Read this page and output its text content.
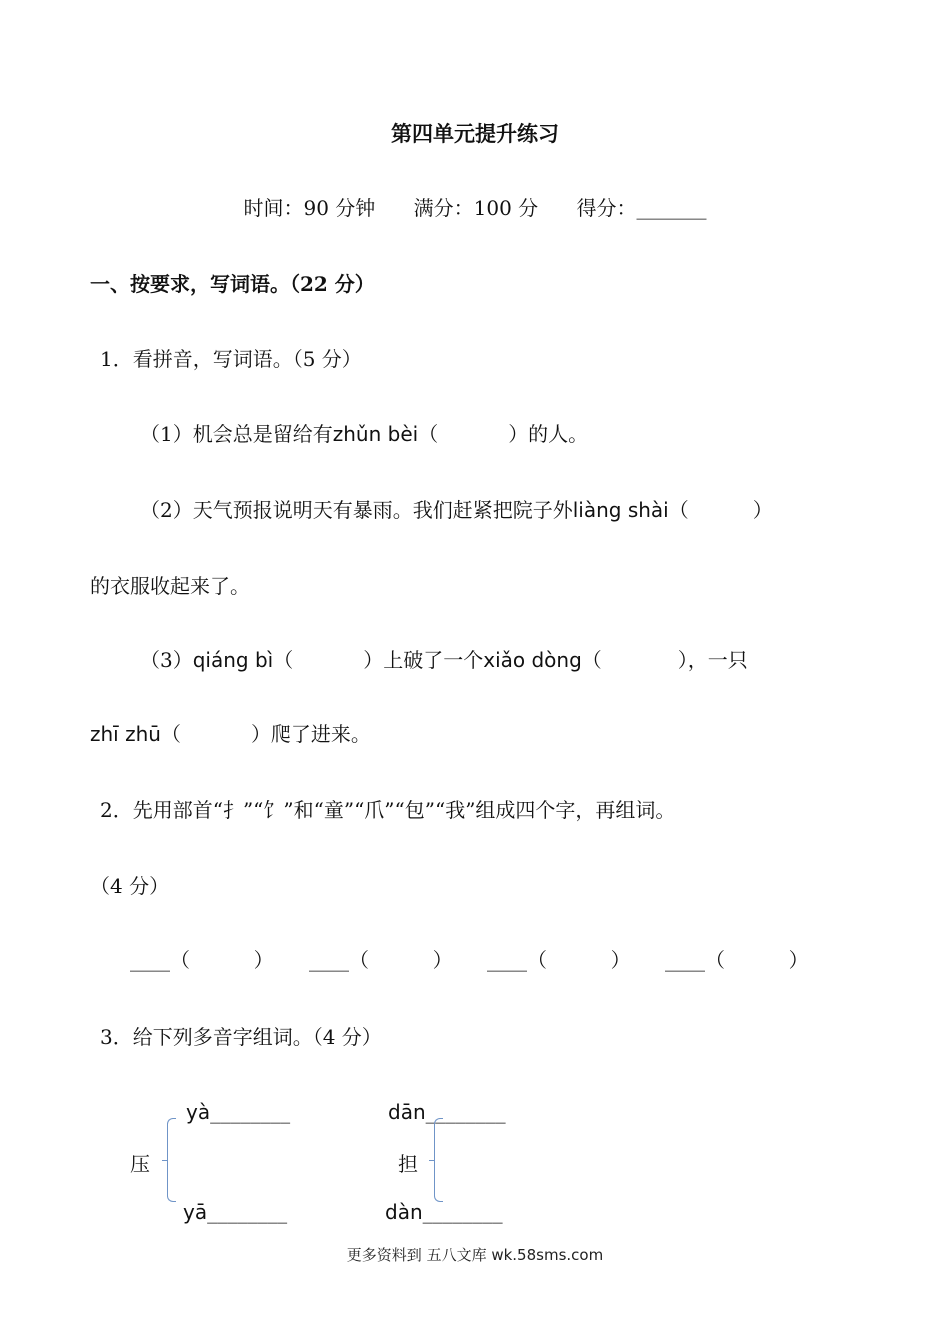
第四单元提升练习
时间：90 分钟 满分：100 分 得分：_______
一、按要求，写词语。（22 分）
1．看拼音，写词语。（5 分）
（1）机会总是留给有zhǔn bèi（	）的人。
（2）天气预报说明天有暴雨。我们赶紧把院子外liàng shài（	）
的衣服收起来了。
（3）qiáng bì（	）上破了一个xiǎo dòng（	），一只
zhī zhū（	）爬了进来。
2．先用部首“扌”“饣”和“童”“爪”“包”“我”组成四个字，再组词。
（4 分）
____（          ） ____（          ） ____（          ） ____（          ）
3．给下列多音字组词。（4 分）
yà________
压
yā________
dān________
担
dàn________
更多资料到 五八文库 wk.58sms.com
